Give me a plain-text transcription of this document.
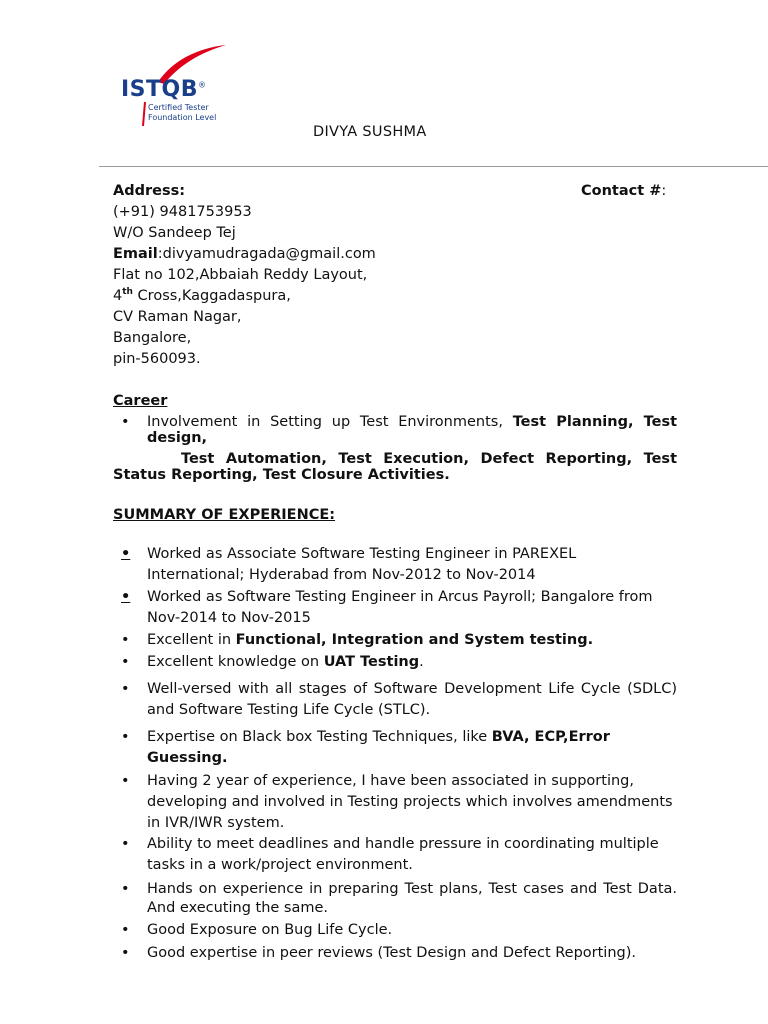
ISTQB®
Certified Tester
Foundation Level
DIVYA SUSHMA
Address:
(+91) 9481753953
W/O Sandeep Tej
Email:divyamudragada@gmail.com
Flat no 102,Abbaiah Reddy Layout,
4th Cross,Kaggadaspura,
CV Raman Nagar,
Bangalore,
pin-560093.
Contact #:
Career
• Involvement in Setting up Test Environments, Test Planning, Test design,
Test Automation, Test Execution, Defect Reporting, Test Status Reporting, Test Closure Activities.
SUMMARY OF EXPERIENCE:
• Worked as Associate Software Testing Engineer in PAREXEL International; Hyderabad from Nov-2012 to Nov-2014
• Worked as Software Testing Engineer in Arcus Payroll; Bangalore from Nov-2014 to Nov-2015
• Excellent in Functional, Integration and System testing.
• Excellent knowledge on UAT Testing.
• Well-versed with all stages of Software Development Life Cycle (SDLC) and Software Testing Life Cycle (STLC).
• Expertise on Black box Testing Techniques, like BVA, ECP,Error Guessing.
• Having 2 year of experience, I have been associated in supporting, developing and involved in Testing projects which involves amendments in IVR/IWR system.
• Ability to meet deadlines and handle pressure in coordinating multiple tasks in a work/project environment.
• Hands on experience in preparing Test plans, Test cases and Test Data. And executing the same.
• Good Exposure on Bug Life Cycle.
• Good expertise in peer reviews (Test Design and Defect Reporting).
